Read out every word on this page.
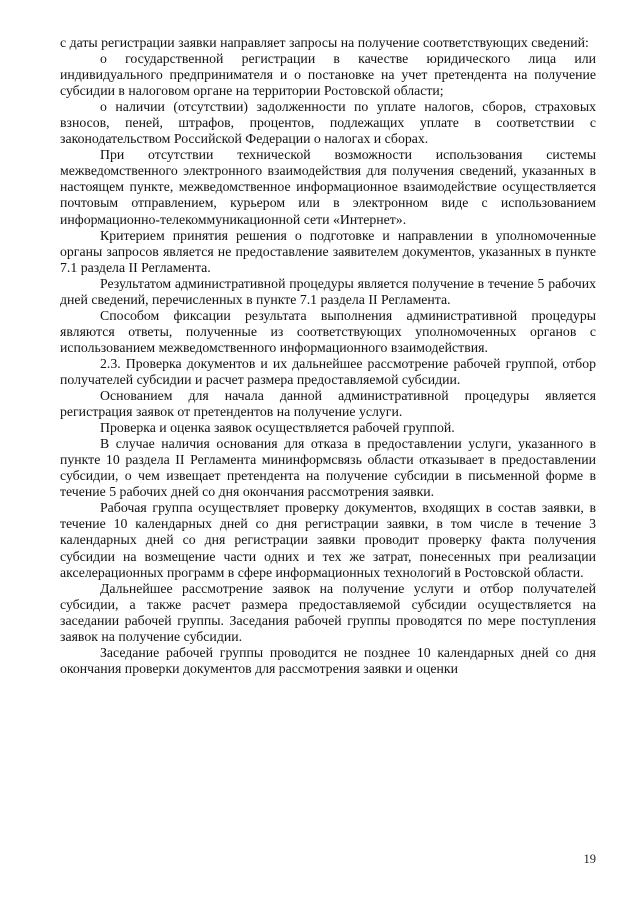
с даты регистрации заявки направляет запросы на получение соответствующих сведений:

о государственной регистрации в качестве юридического лица или индивидуального предпринимателя и о постановке на учет претендента на получение субсидии в налоговом органе на территории Ростовской области;

о наличии (отсутствии) задолженности по уплате налогов, сборов, страховых взносов, пеней, штрафов, процентов, подлежащих уплате в соответствии с законодательством Российской Федерации о налогах и сборах.

При отсутствии технической возможности использования системы межведомственного электронного взаимодействия для получения сведений, указанных в настоящем пункте, межведомственное информационное взаимодействие осуществляется почтовым отправлением, курьером или в электронном виде с использованием информационно-телекоммуникационной сети «Интернет».

Критерием принятия решения о подготовке и направлении в уполномоченные органы запросов является не предоставление заявителем документов, указанных в пункте 7.1 раздела II Регламента.

Результатом административной процедуры является получение в течение 5 рабочих дней сведений, перечисленных в пункте 7.1 раздела II Регламента.

Способом фиксации результата выполнения административной процедуры являются ответы, полученные из соответствующих уполномоченных органов с использованием межведомственного информационного взаимодействия.

2.3. Проверка документов и их дальнейшее рассмотрение рабочей группой, отбор получателей субсидии и расчет размера предоставляемой субсидии.

Основанием для начала данной административной процедуры является регистрация заявок от претендентов на получение услуги.

Проверка и оценка заявок осуществляется рабочей группой.

В случае наличия основания для отказа в предоставлении услуги, указанного в пункте 10 раздела II Регламента мининформсвязь области отказывает в предоставлении субсидии, о чем извещает претендента на получение субсидии в письменной форме в течение 5 рабочих дней со дня окончания рассмотрения заявки.

Рабочая группа осуществляет проверку документов, входящих в состав заявки, в течение 10 календарных дней со дня регистрации заявки, в том числе в течение 3 календарных дней со дня регистрации заявки проводит проверку факта получения субсидии на возмещение части одних и тех же затрат, понесенных при реализации акселерационных программ в сфере информационных технологий в Ростовской области.

Дальнейшее рассмотрение заявок на получение услуги и отбор получателей субсидии, а также расчет размера предоставляемой субсидии осуществляется на заседании рабочей группы. Заседания рабочей группы проводятся по мере поступления заявок на получение субсидии.

Заседание рабочей группы проводится не позднее 10 календарных дней со дня окончания проверки документов для рассмотрения заявки и оценки

19
